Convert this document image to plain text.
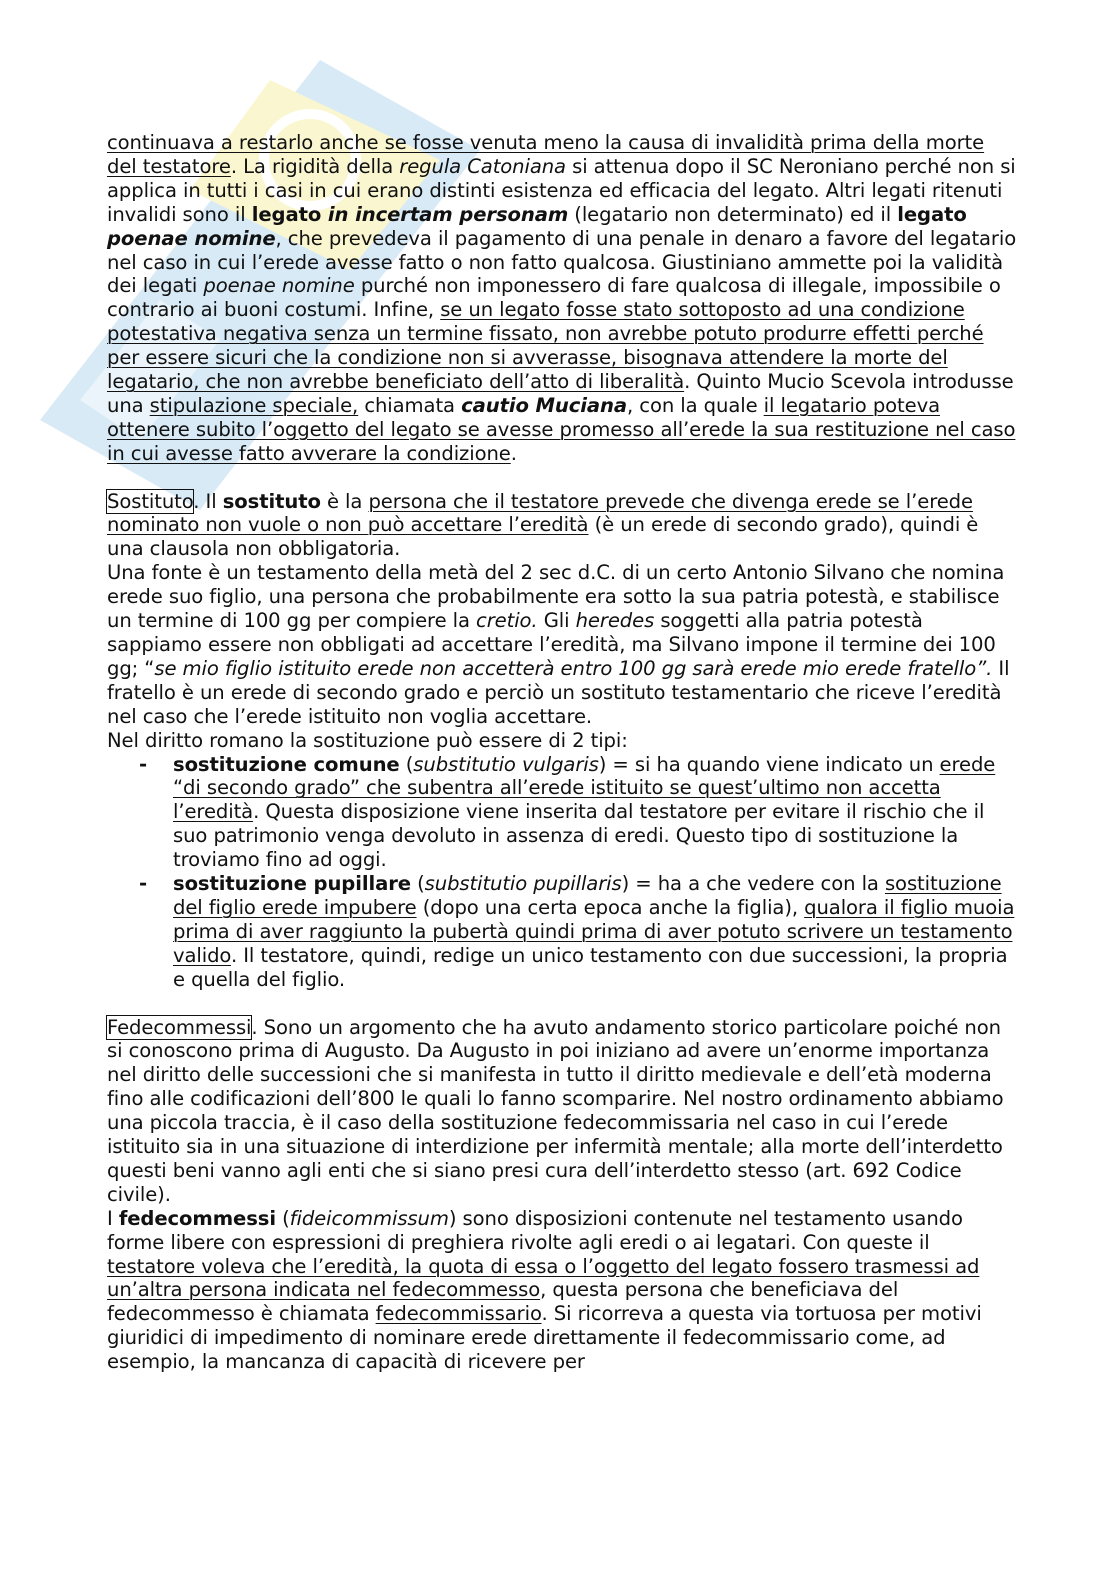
continuava a restarlo anche se fosse venuta meno la causa di invalidità prima della morte del testatore. La rigidità della regula Catoniana si attenua dopo il SC Neroniano perché non si applica in tutti i casi in cui erano distinti esistenza ed efficacia del legato. Altri legati ritenuti invalidi sono il legato in incertam personam (legatario non determinato) ed il legato poenae nomine, che prevedeva il pagamento di una penale in denaro a favore del legatario nel caso in cui l’erede avesse fatto o non fatto qualcosa. Giustiniano ammette poi la validità dei legati poenae nomine purché non imponessero di fare qualcosa di illegale, impossibile o contrario ai buoni costumi. Infine, se un legato fosse stato sottoposto ad una condizione potestativa negativa senza un termine fissato, non avrebbe potuto produrre effetti perché per essere sicuri che la condizione non si avverasse, bisognava attendere la morte del legatario, che non avrebbe beneficiato dell’atto di liberalità. Quinto Mucio Scevola introdusse una stipulazione speciale, chiamata cautio Muciana, con la quale il legatario poteva ottenere subito l’oggetto del legato se avesse promesso all’erede la sua restituzione nel caso in cui avesse fatto avverare la condizione.

Sostituto. Il sostituto è la persona che il testatore prevede che divenga erede se l’erede nominato non vuole o non può accettare l’eredità (è un erede di secondo grado), quindi è una clausola non obbligatoria.

Una fonte è un testamento della metà del 2 sec d.C. di un certo Antonio Silvano che nomina erede suo figlio, una persona che probabilmente era sotto la sua patria potestà, e stabilisce un termine di 100 gg per compiere la cretio. Gli heredes soggetti alla patria potestà sappiamo essere non obbligati ad accettare l’eredità, ma Silvano impone il termine dei 100 gg; “se mio figlio istituito erede non accetterà entro 100 gg sarà erede mio erede fratello”. Il fratello è un erede di secondo grado e perciò un sostituto testamentario che riceve l’eredità nel caso che l’erede istituito non voglia accettare.

Nel diritto romano la sostituzione può essere di 2 tipi:

- sostituzione comune (substitutio vulgaris) = si ha quando viene indicato un erede “di secondo grado” che subentra all’erede istituito se quest’ultimo non accetta l’eredità. Questa disposizione viene inserita dal testatore per evitare il rischio che il suo patrimonio venga devoluto in assenza di eredi. Questo tipo di sostituzione la troviamo fino ad oggi.
- sostituzione pupillare (substitutio pupillaris) = ha a che vedere con la sostituzione del figlio erede impubere (dopo una certa epoca anche la figlia), qualora il figlio muoia prima di aver raggiunto la pubertà quindi prima di aver potuto scrivere un testamento valido. Il testatore, quindi, redige un unico testamento con due successioni, la propria e quella del figlio.

Fedecommessi. Sono un argomento che ha avuto andamento storico particolare poiché non si conoscono prima di Augusto. Da Augusto in poi iniziano ad avere un’enorme importanza nel diritto delle successioni che si manifesta in tutto il diritto medievale e dell’età moderna fino alle codificazioni dell’800 le quali lo fanno scomparire. Nel nostro ordinamento abbiamo una piccola traccia, è il caso della sostituzione fedecommissaria nel caso in cui l’erede istituito sia in una situazione di interdizione per infermità mentale; alla morte dell’interdetto questi beni vanno agli enti che si siano presi cura dell’interdetto stesso (art. 692 Codice civile).

I fedecommessi (fideicommissum) sono disposizioni contenute nel testamento usando forme libere con espressioni di preghiera rivolte agli eredi o ai legatari. Con queste il testatore voleva che l’eredità, la quota di essa o l’oggetto del legato fossero trasmessi ad un’altra persona indicata nel fedecommesso, questa persona che beneficiava del fedecommesso è chiamata fedecommissario. Si ricorreva a questa via tortuosa per motivi giuridici di impedimento di nominare erede direttamente il fedecommissario come, ad esempio, la mancanza di capacità di ricevere per
